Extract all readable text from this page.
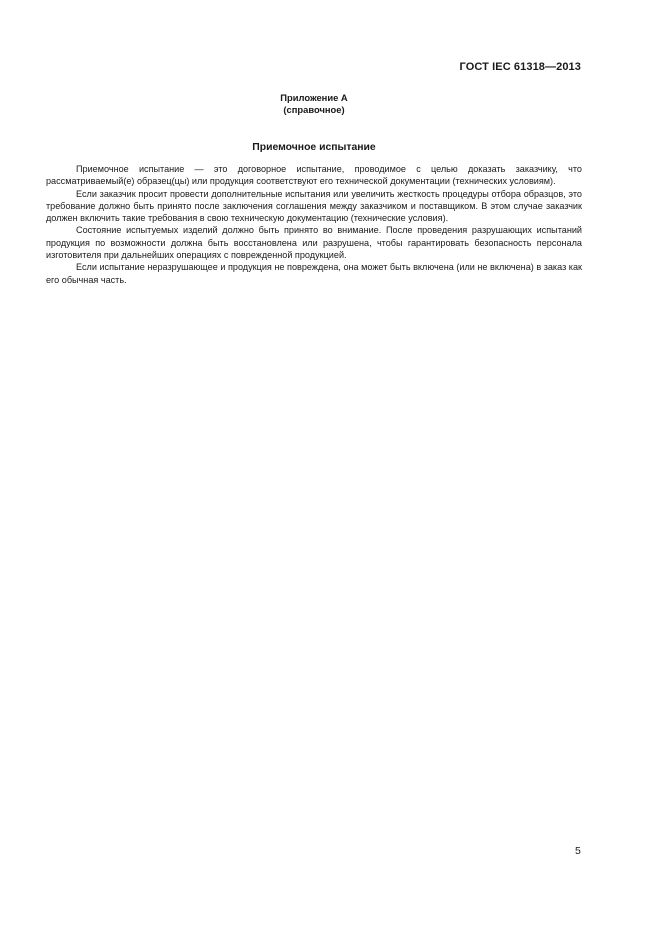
ГОСТ IEC 61318—2013
Приложение А
(справочное)
Приемочное испытание

Приемочное испытание — это договорное испытание, проводимое с целью доказать заказчику, что рассматриваемый(е) образец(цы) или продукция соответствуют его технической документации (технических условиям).

Если заказчик просит провести дополнительные испытания или увеличить жесткость процедуры отбора образцов, это требование должно быть принято после заключения соглашения между заказчиком и поставщиком. В этом случае заказчик должен включить такие требования в свою техническую документацию (технические условия).

Состояние испытуемых изделий должно быть принято во внимание. После проведения разрушающих испытаний продукция по возможности должна быть восстановлена или разрушена, чтобы гарантировать безопасность персонала изготовителя при дальнейших операциях с поврежденной продукцией.

Если испытание неразрушающее и продукция не повреждена, она может быть включена (или не включена) в заказ как его обычная часть.

5
